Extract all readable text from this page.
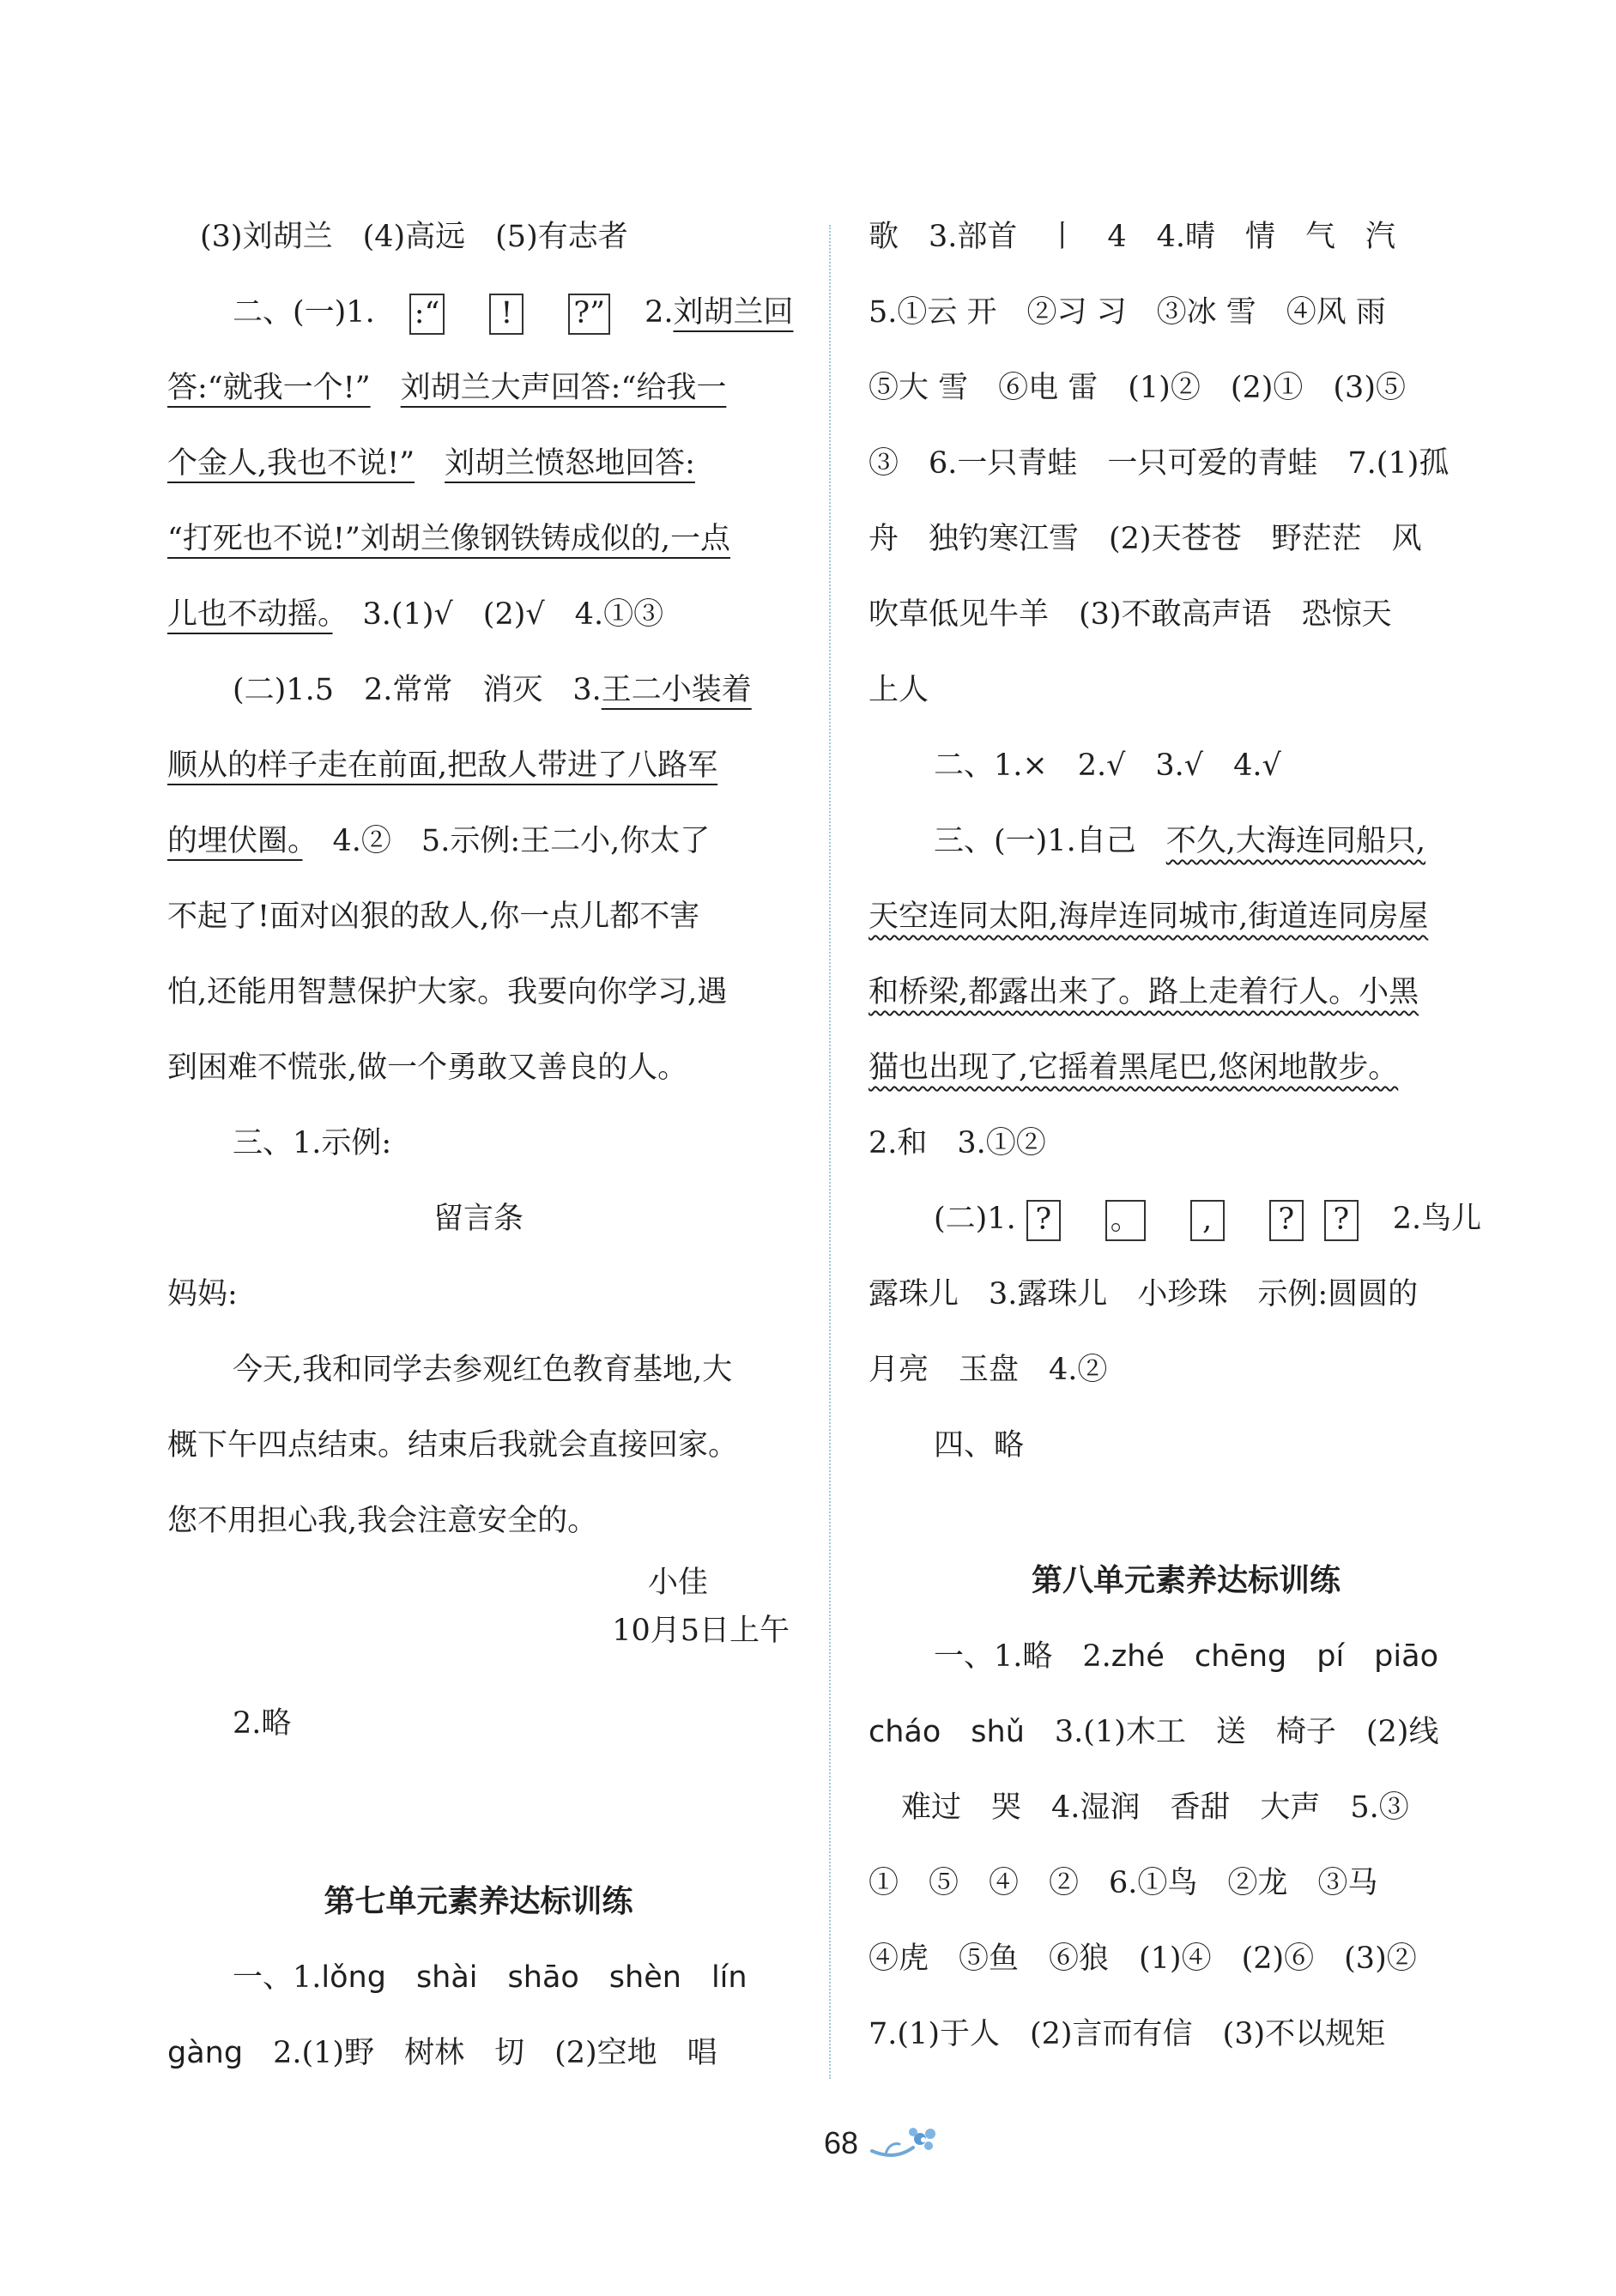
(3)刘胡兰　(4)高远　(5)有志者
二、(一)1. :“ ! ?” 2.刘胡兰回
答:“就我一个!”　 刘胡兰大声回答:“给我一
个金人,我也不说!”　 刘胡兰愤怒地回答:
“打死也不说!”刘胡兰像钢铁铸成似的,一点
儿也不动摇。　 3.(1)√　(2)√　4.①③
(二)1.5　2.常常　消灭　3.王二小装着
顺从的样子走在前面,把敌人带进了八路军
的埋伏圈。　 4.②　5.示例:王二小,你太了
不起了!面对凶狠的敌人,你一点儿都不害
怕,还能用智慧保护大家。我要向你学习,遇
到困难不慌张,做一个勇敢又善良的人。
三、1.示例:
留言条
妈妈:
今天,我和同学去参观红色教育基地,大
概下午四点结束。结束后我就会直接回家。
您不用担心我,我会注意安全的。
小佳
10月5日上午
2.略
第七单元素养达标训练
一、1.lǒng　shài　shāo　shèn　lín
gàng　 2.(1)野　树林　切　(2)空地　唱
歌　3.部首　丨　4　4.晴　情　气　汽
5.①云 开　②习 习　③冰 雪　④风 雨
⑤大 雪　⑥电 雷　(1)②　(2)①　(3)⑤
③　6.一只青蛙　一只可爱的青蛙　7.(1)孤
舟　独钓寒江雪　(2)天苍苍　野茫茫　风
吹草低见牛羊　(3)不敢高声语　恐惊天
上人
二、1.×　2.√　3.√　4.√
三、(一)1.自己　不久,大海连同船只,
天空连同太阳,海岸连同城市,街道连同房屋
和桥梁,都露出来了。路上走着行人。小黑
猫也出现了,它摇着黑尾巴,悠闲地散步。
2.和　3.①②
(二)1. ? 。 , ? ? 2.鸟儿
露珠儿　3.露珠儿　小珍珠　示例:圆圆的
月亮　玉盘　4.②
四、略
第八单元素养达标训练
一、1.略　2.zhé　chēng　pí　piāo
cháo　shǔ　 3.(1)木工　送　椅子　(2)线
难过　哭　4.湿润　香甜　大声　5.③
①　⑤　④　②　6.①鸟　②龙　③马
④虎　⑤鱼　⑥狼　(1)④　(2)⑥　(3)②
7.(1)于人　(2)言而有信　(3)不以规矩
68
